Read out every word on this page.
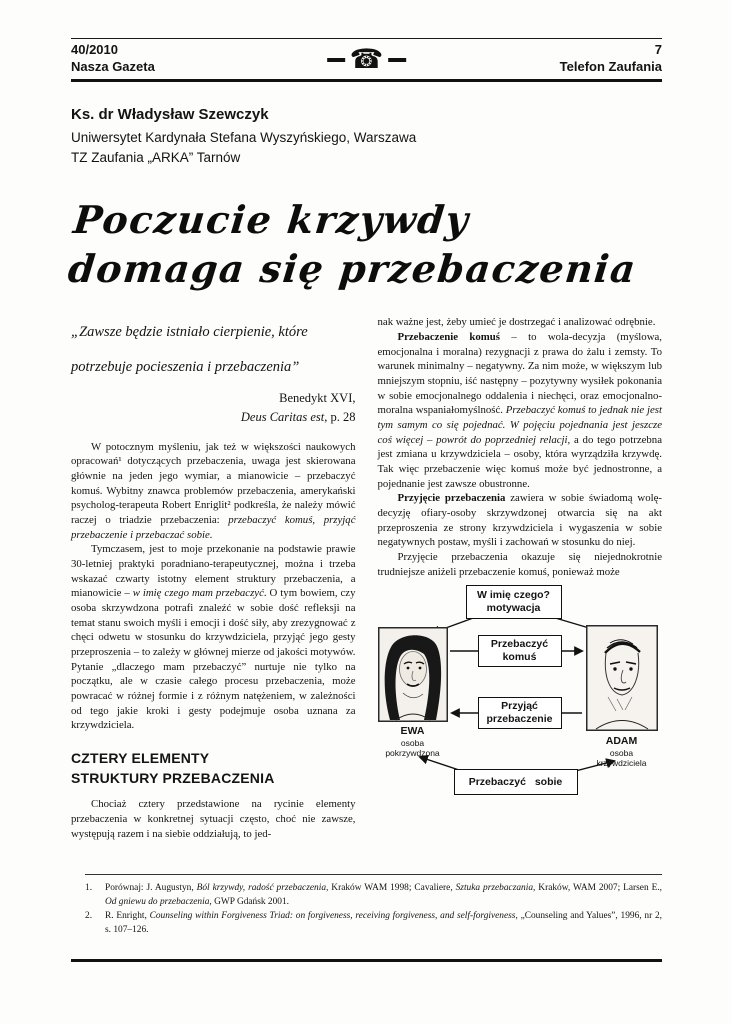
40/2010	7
Nasza Gazeta	Telefon Zaufania
☎
Ks. dr Władysław Szewczyk
Uniwersytet Kardynała Stefana Wyszyńskiego, Warszawa
TZ Zaufania „ARKA” Tarnów
Poczucie krzywdy
domaga się przebaczenia
„Zawsze będzie istniało cierpienie, które
potrzebuje pocieszenia i przebaczenia”
Benedykt XVI,
Deus Caritas est, p. 28

W potocznym myśleniu, jak też w większości naukowych opracowań¹ dotyczących przebaczenia, uwaga jest skierowana głównie na jeden jego wymiar, a mianowicie – przebaczyć komuś. Wybitny znawca problemów przebaczenia, amerykański psycholog-terapeuta Robert Enriglit² podkreśla, że należy mówić raczej o triadzie przebaczenia: przebaczyć komuś, przyjąć przebaczenie i przebaczać sobie.

Tymczasem, jest to moje przekonanie na podstawie prawie 30-letniej praktyki poradniano-terapeutycznej, można i trzeba wskazać czwarty istotny element struktury przebaczenia, a mianowicie – w imię czego mam przebaczyć. O tym bowiem, czy osoba skrzywdzona potrafi znaleźć w sobie dość refleksji na temat stanu swoich myśli i emocji i dość siły, aby zrezygnować z chęci odwetu w stosunku do krzywdziciela, przyjąć jego gesty przeproszenia – to zależy w głównej mierze od jakości motywów. Pytanie „dlaczego mam przebaczyć” nurtuje nie tylko na początku, ale w czasie całego procesu przebaczenia, może powracać w różnej formie i z różnym natężeniem, w zależności od tego jakie kroki i gesty podejmuje osoba uznana za krzywdziciela.

CZTERY ELEMENTY
STRUKTURY PRZEBACZENIA

Chociaż cztery przedstawione na rycinie elementy przebaczenia w konkretnej sytuacji często, choć nie zawsze, występują razem i na siebie oddziałują, to jed-

nak ważne jest, żeby umieć je dostrzegać i analizować odrębnie.

Przebaczenie komuś – to wola-decyzja (myślowa, emocjonalna i moralna) rezygnacji z prawa do żalu i zemsty. To warunek minimalny – negatywny. Za nim może, w większym lub mniejszym stopniu, iść następny – pozytywny wysiłek pokonania w sobie emocjonalnego oddalenia i niechęci, oraz emocjonalno-moralna wspaniałomyślność. Przebaczyć komuś to jednak nie jest tym samym co się pojednać. W pojęciu pojednania jest jeszcze coś więcej – powrót do poprzedniej relacji, a do tego potrzebna jest zmiana u krzywdziciela – osoby, która wyrządziła krzywdę. Tak więc przebaczenie więc komuś może być jednostronne, a pojednanie jest zawsze obustronne.

Przyjęcie przebaczenia zawiera w sobie świadomą wolę-decyzję ofiary-osoby skrzywdzonej otwarcia się na akt przeproszenia ze strony krzywdziciela i wygaszenia w sobie negatywnych postaw, myśli i zachowań w stosunku do niej.

Przyjęcie przebaczenia okazuje się niejednokrotnie trudniejsze aniżeli przebaczenie komuś, ponieważ może

W imię czego?
motywacja
Przebaczyć
komuś
Przyjąć
przebaczenie
Przebaczyć sobie
EWA
osoba
pokrzywdzona
ADAM
osoba
krzywdziciela
1.	Porównaj: J. Augustyn, Ból krzywdy, radość przebaczenia, Kraków WAM 1998; Cavaliere, Sztuka przebaczania, Kraków, WAM 2007; Larsen E., Od gniewu do przebaczenia, GWP Gdańsk 2001.
2.	R. Enright, Counseling within Forgiveness Triad: on forgiveness, receiving forgiveness, and self-forgiveness, „Counseling and Yalues”, 1996, nr 2, s. 107–126.
